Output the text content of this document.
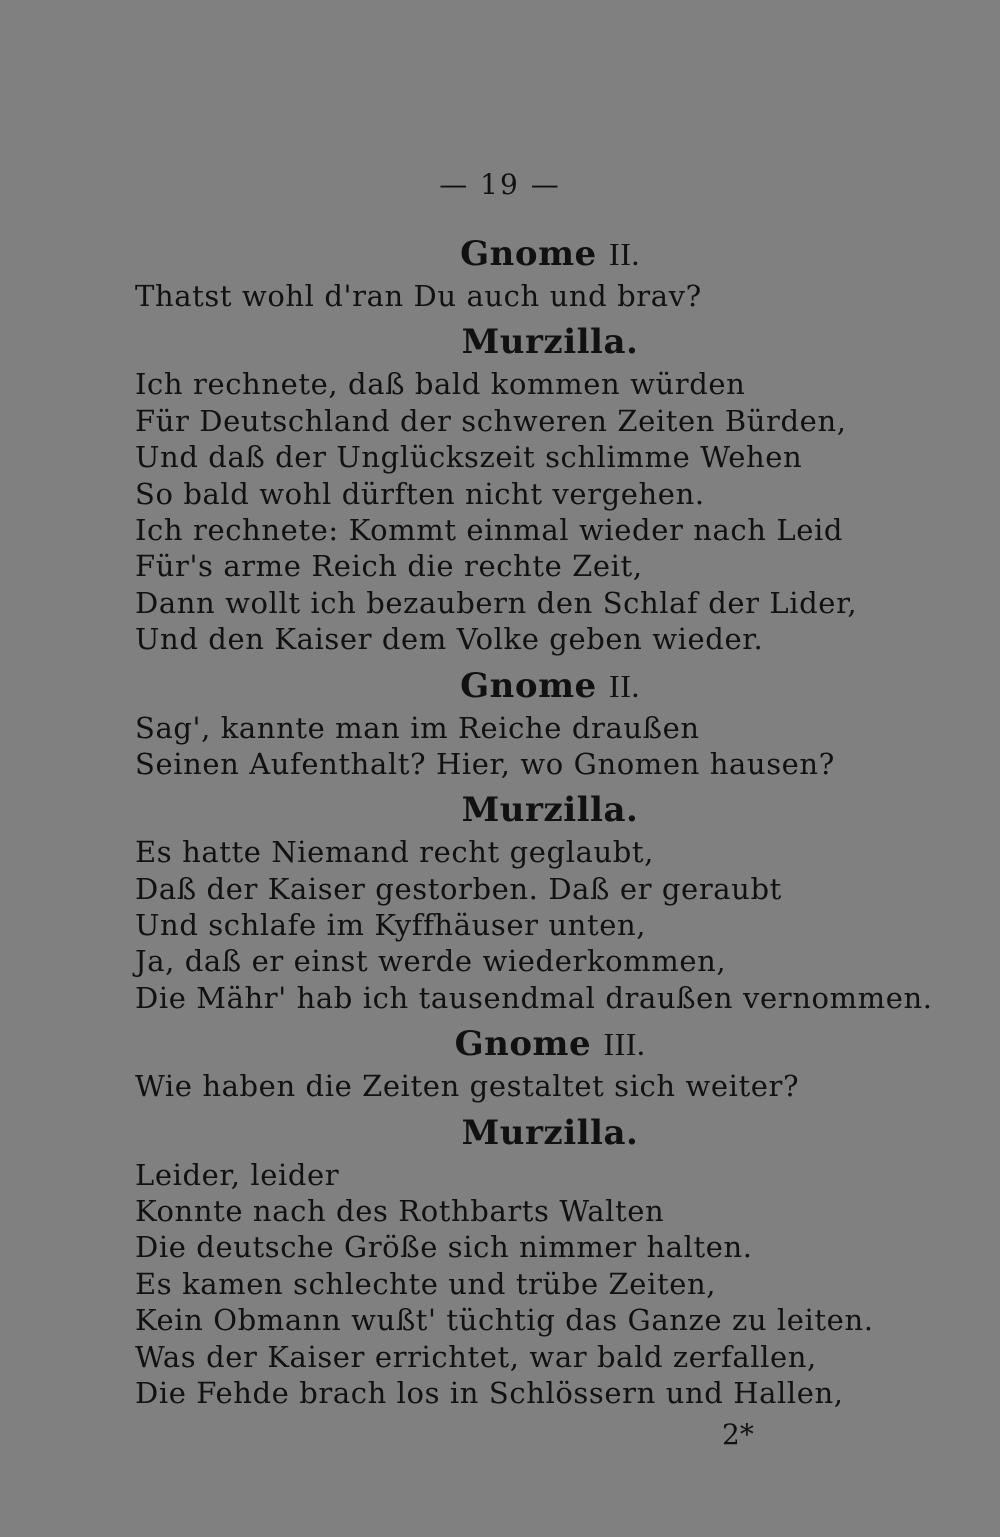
— 19 —
Gnome II.
Thatst wohl d'ran Du auch und brav?
Murzilla.
Ich rechnete, daß bald kommen würden
Für Deutschland der schweren Zeiten Bürden,
Und daß der Unglückszeit schlimme Wehen
So bald wohl dürften nicht vergehen.
Ich rechnete: Kommt einmal wieder nach Leid
Für's arme Reich die rechte Zeit,
Dann wollt ich bezaubern den Schlaf der Lider,
Und den Kaiser dem Volke geben wieder.
Gnome II.
Sag', kannte man im Reiche draußen
Seinen Aufenthalt? Hier, wo Gnomen hausen?
Murzilla.
Es hatte Niemand recht geglaubt,
Daß der Kaiser gestorben. Daß er geraubt
Und schlafe im Kyffhäuser unten,
Ja, daß er einst werde wiederkommen,
Die Mähr' hab ich tausendmal draußen vernommen.
Gnome III.
Wie haben die Zeiten gestaltet sich weiter?
Murzilla.
Leider, leider
Konnte nach des Rothbarts Walten
Die deutsche Größe sich nimmer halten.
Es kamen schlechte und trübe Zeiten,
Kein Obmann wußt' tüchtig das Ganze zu leiten.
Was der Kaiser errichtet, war bald zerfallen,
Die Fehde brach los in Schlössern und Hallen,
2*
